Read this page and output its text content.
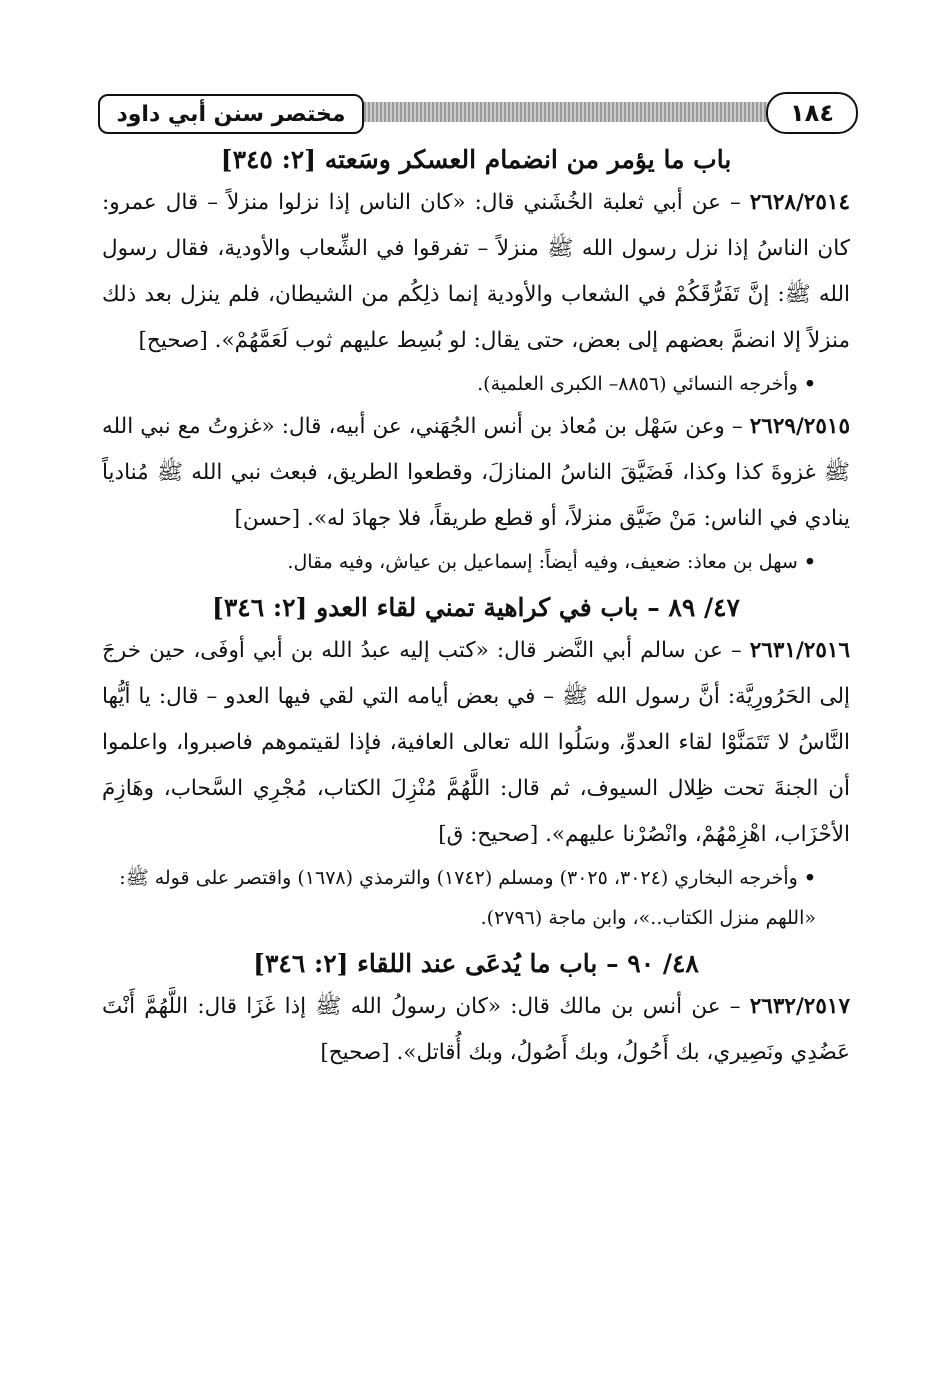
مختصر سنن أبي داود	١٨٤
باب ما يؤمر من انضمام العسكر وسَعته [٢: ٣٤٥]

٢٦٢٨/٢٥١٤ – عن أبي ثعلبة الخُشَني قال: «كان الناس إذا نزلوا منزلاً – قال عمرو: كان الناسُ إذا نزل رسول الله ﷺ منزلاً – تفرقوا في الشِّعاب والأودية، فقال رسول الله ﷺ: إنَّ تَفَرُّقَكُمْ في الشعاب والأودية إنما ذلِكُم من الشيطان، فلم ينزل بعد ذلك منزلاً إلا انضمَّ بعضهم إلى بعض، حتى يقال: لو بُسِط عليهم ثوب لَعَمَّهُمْ». [صحيح]

•وأخرجه النسائي (٨٨٥٦– الكبرى العلمية).

٢٦٢٩/٢٥١٥ – وعن سَهْل بن مُعاذ بن أنس الجُهَني، عن أبيه، قال: «غزوتُ مع نبي الله ﷺ غزوةَ كذا وكذا، فَضَيَّقَ الناسُ المنازلَ، وقطعوا الطريق، فبعث نبي الله ﷺ مُنادياً ينادي في الناس: مَنْ ضَيَّق منزلاً، أو قطع طريقاً، فلا جهادَ له». [حسن]

•سهل بن معاذ: ضعيف، وفيه أيضاً: إسماعيل بن عياش، وفيه مقال.

٤٧/ ٨٩ – باب في كراهية تمني لقاء العدو [٢: ٣٤٦]

٢٦٣١/٢٥١٦ – عن سالم أبي النَّضر قال: «كتب إليه عبدُ الله بن أبي أوفَى، حين خرجَ إلى الحَرُورِيَّة: أنَّ رسول الله ﷺ – في بعض أيامه التي لقي فيها العدو – قال: يا أيُّها النَّاسُ لا تَتَمَنَّوْا لقاء العدوِّ، وسَلُوا الله تعالى العافية، فإذا لقيتموهم فاصبروا، واعلموا أن الجنةَ تحت ظِلال السيوف، ثم قال: اللَّهُمَّ مُنْزِلَ الكتاب، مُجْرِي السَّحاب، وهَازِمَ الأحْزَاب، اهْزِمْهُمْ، وانْصُرْنا عليهم». [صحيح: ق]

•وأخرجه البخاري (٣٠٢٤، ٣٠٢٥) ومسلم (١٧٤٢) والترمذي (١٦٧٨) واقتصر على قوله ﷺ: «اللهم منزل الكتاب..»، وابن ماجة (٢٧٩٦).

٤٨/ ٩٠ – باب ما يُدعَى عند اللقاء [٢: ٣٤٦]

٢٦٣٢/٢٥١٧ – عن أنس بن مالك قال: «كان رسولُ الله ﷺ إذا غَزَا قال: اللَّهُمَّ أَنْتَ عَضُدِي ونَصِيري، بك أَحُولُ، وبك أَصُولُ، وبك أُقاتل». [صحيح]
